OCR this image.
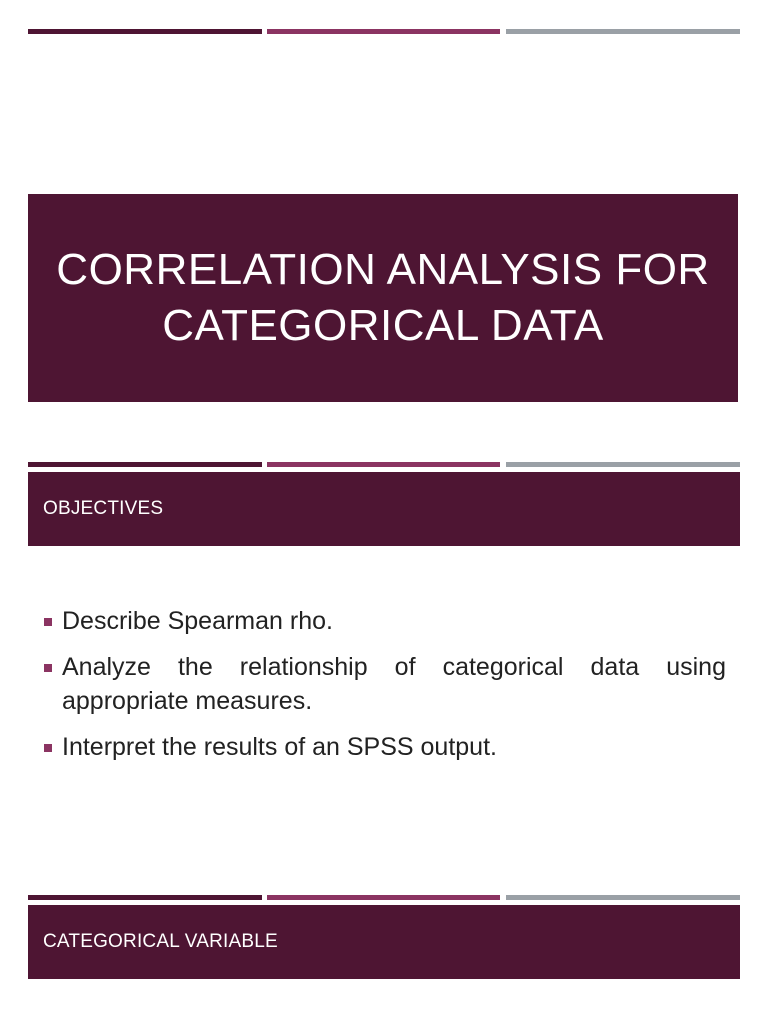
CORRELATION ANALYSIS FOR CATEGORICAL DATA
OBJECTIVES
Describe Spearman rho.
Analyze the relationship of categorical data using appropriate measures.
Interpret the results of an SPSS output.
CATEGORICAL VARIABLE
